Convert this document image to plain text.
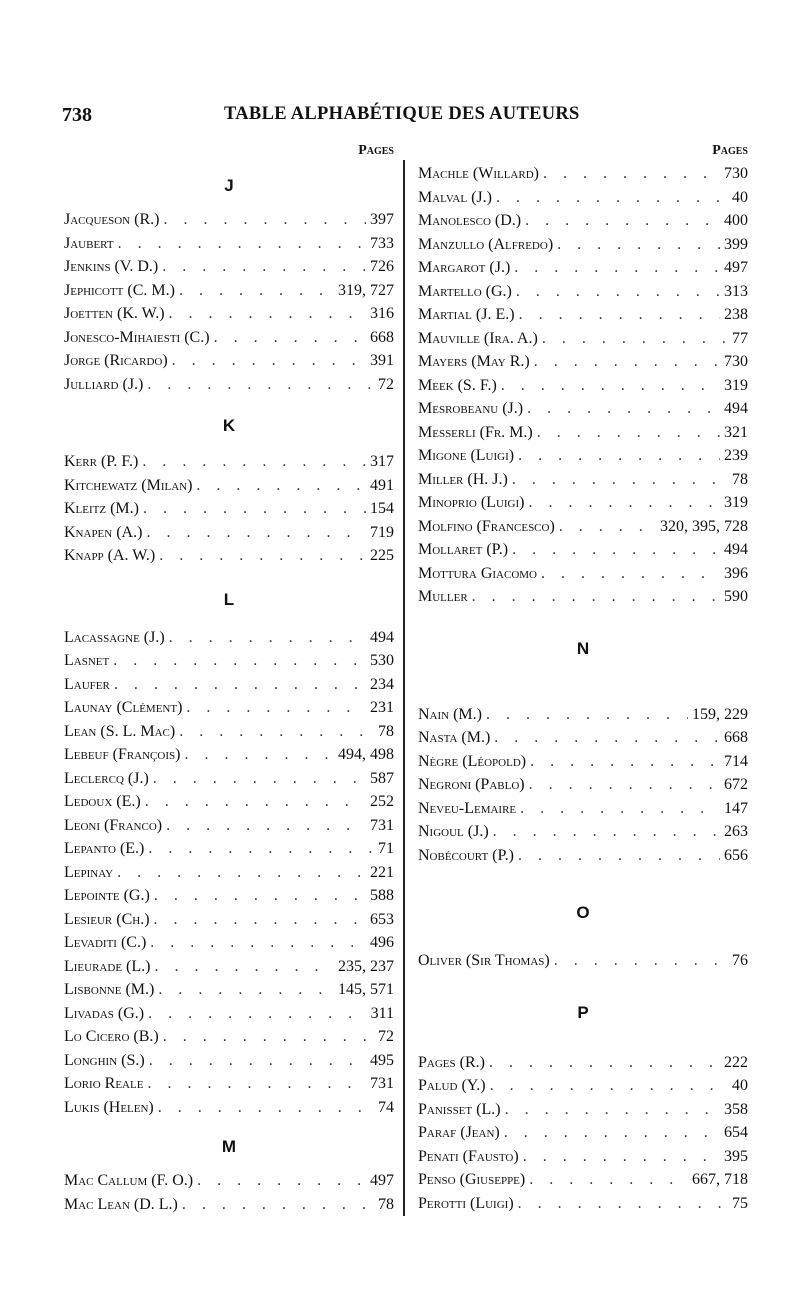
738	TABLE ALPHABÉTIQUE DES AUTEURS
Pages
J
Jacqueson (R.) . . .	397
Jaubert . . .	733
Jenkins (V. D.) . . .	726
Jephicott (C. M.) . . .	319, 727
Joetten (K. W.) . . .	316
Jonesco-Mihaiesti (C.) . . .	668
Jorge (Ricardo) . . .	391
Julliard (J.) . . .	72
K
Kerr (P. F.) . . .	317
Kitchewatz (Milan) . . .	491
Kleitz (M.) . . .	154
Knapen (A.) . . .	719
Knapp (A. W.) . . .	225
L
Lacassagne (J.) . . .	494
Lasnet . . .	530
Laufer . . .	234
Launay (Clément) . . .	231
Lean (S. L. Mac) . . .	78
Lebeuf (François) . . .	494, 498
Leclercq (J.) . . .	587
Ledoux (E.) . . .	252
Leoni (Franco) . . .	731
Lepanto (E.) . . .	71
Lepinay . . .	221
Lepointe (G.) . . .	588
Lesieur (Ch.) . . .	653
Levaditi (C.) . . .	496
Lieurade (L.) . . .	235, 237
Lisbonne (M.) . . .	145, 571
Livadas (G.) . . .	311
Lo Cicero (B.) . . .	72
Longhin (S.) . . .	495
Lorio Reale . . .	731
Lukis (Helen) . . .	74
M
Mac Callum (F. O.) . . .	497
Mac Lean (D. L.) . . .	78
Pages
Machle (Willard) . . .	730
Malval (J.) . . .	40
Manolesco (D.) . . .	400
Manzullo (Alfredo) . . .	399
Margarot (J.) . . .	497
Martello (G.) . . .	313
Martial (J. E.) . . .	238
Mauville (Ira. A.) . . .	77
Mayers (May R.) . . .	730
Meek (S. F.) . . .	319
Mesrobeanu (J.) . . .	494
Messerli (Fr. M.) . . .	321
Migone (Luigi) . . .	239
Miller (H. J.) . . .	78
Minoprio (Luigi) . . .	319
Molfino (Francesco) . . .	320, 395, 728
Mollaret (P.) . . .	494
Mottura Giacomo . . .	396
Muller . . .	590
N
Nain (M.) . . .	159, 229
Nasta (M.) . . .	668
Nègre (Léopold) . . .	714
Negroni (Pablo) . . .	672
Neveu-Lemaire . . .	147
Nigoul (J.) . . .	263
Nobécourt (P.) . . .	656
O
Oliver (Sir Thomas) . . .	76
P
Pages (R.) . . .	222
Palud (Y.) . . .	40
Panisset (L.) . . .	358
Paraf (Jean) . . .	654
Penati (Fausto) . . .	395
Penso (Giuseppe) . . .	667, 718
Perotti (Luigi) . . .	75
